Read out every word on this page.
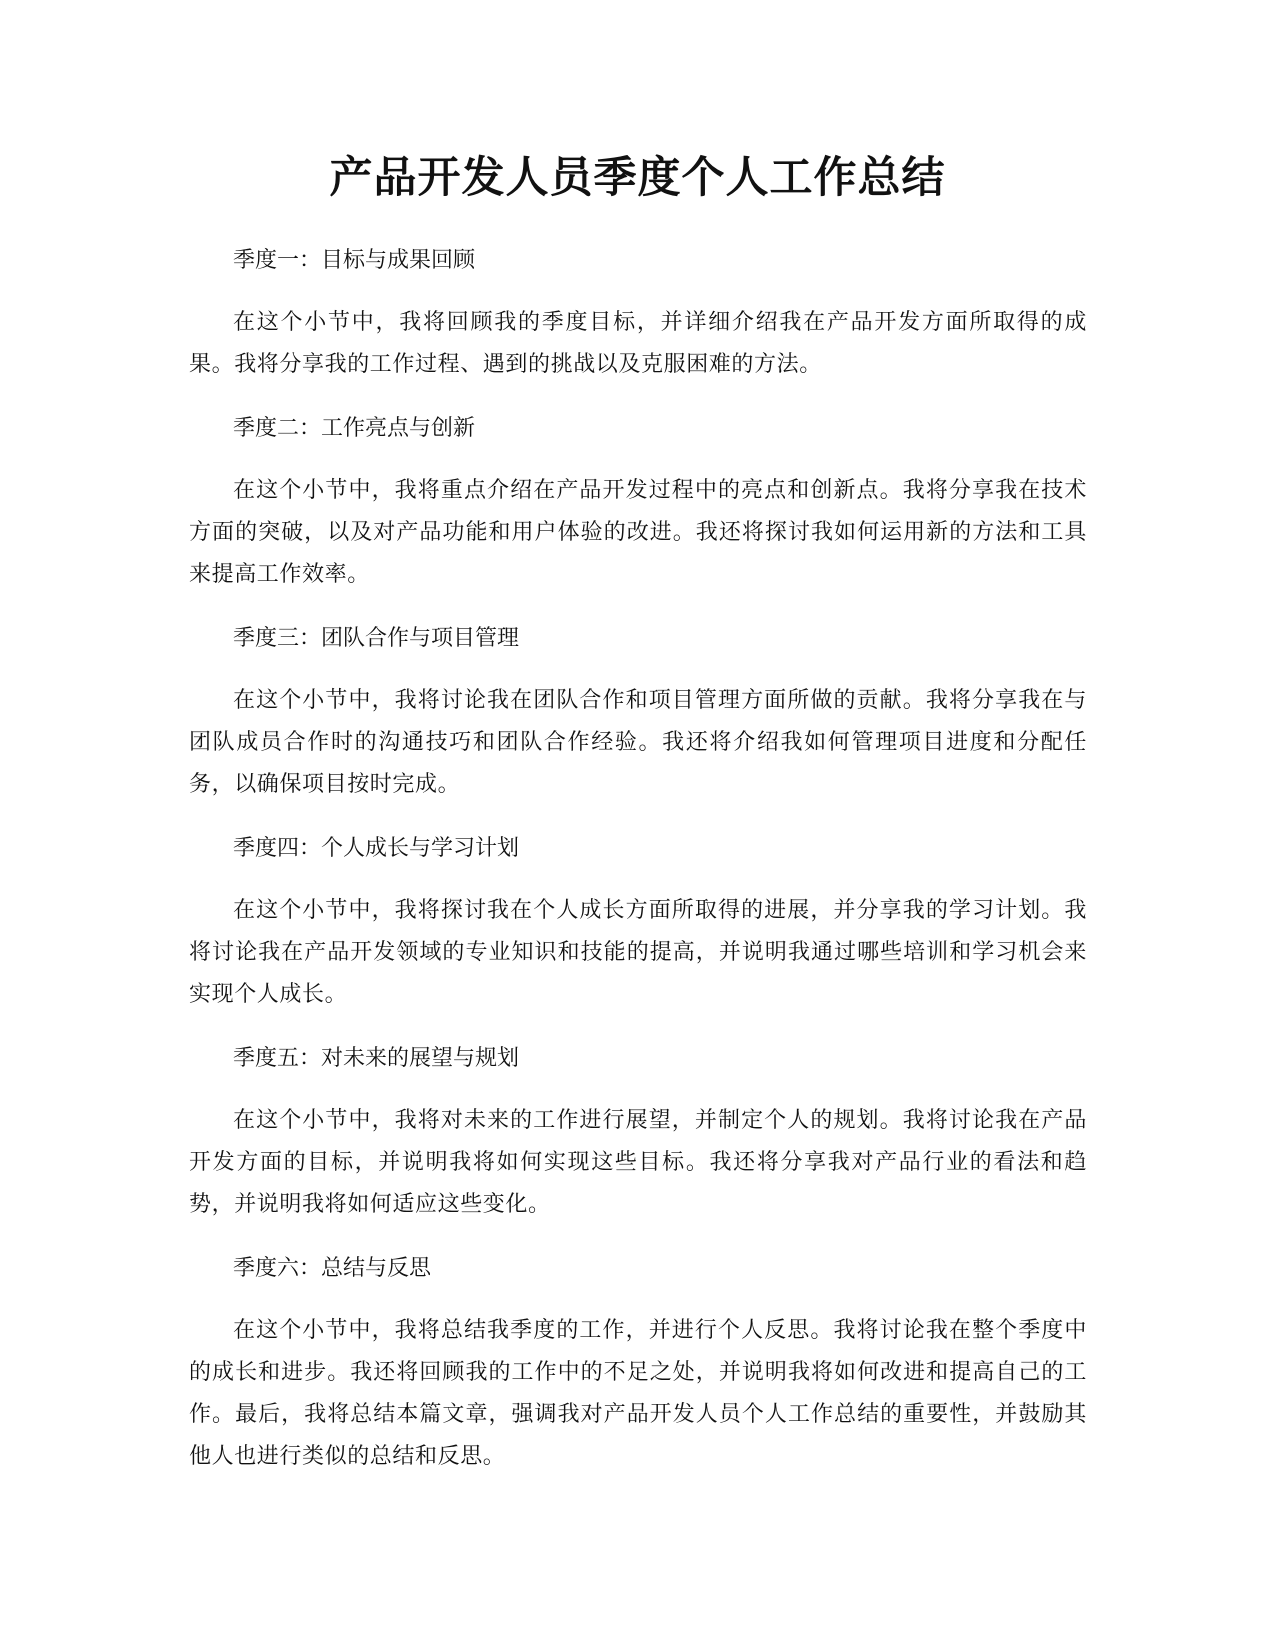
产品开发人员季度个人工作总结
季度一：目标与成果回顾

在这个小节中，我将回顾我的季度目标，并详细介绍我在产品开发方面所取得的成果。我将分享我的工作过程、遇到的挑战以及克服困难的方法。

季度二：工作亮点与创新

在这个小节中，我将重点介绍在产品开发过程中的亮点和创新点。我将分享我在技术方面的突破，以及对产品功能和用户体验的改进。我还将探讨我如何运用新的方法和工具来提高工作效率。

季度三：团队合作与项目管理

在这个小节中，我将讨论我在团队合作和项目管理方面所做的贡献。我将分享我在与团队成员合作时的沟通技巧和团队合作经验。我还将介绍我如何管理项目进度和分配任务，以确保项目按时完成。

季度四：个人成长与学习计划

在这个小节中，我将探讨我在个人成长方面所取得的进展，并分享我的学习计划。我将讨论我在产品开发领域的专业知识和技能的提高，并说明我通过哪些培训和学习机会来实现个人成长。

季度五：对未来的展望与规划

在这个小节中，我将对未来的工作进行展望，并制定个人的规划。我将讨论我在产品开发方面的目标，并说明我将如何实现这些目标。我还将分享我对产品行业的看法和趋势，并说明我将如何适应这些变化。

季度六：总结与反思

在这个小节中，我将总结我季度的工作，并进行个人反思。我将讨论我在整个季度中的成长和进步。我还将回顾我的工作中的不足之处，并说明我将如何改进和提高自己的工作。最后，我将总结本篇文章，强调我对产品开发人员个人工作总结的重要性，并鼓励其他人也进行类似的总结和反思。
